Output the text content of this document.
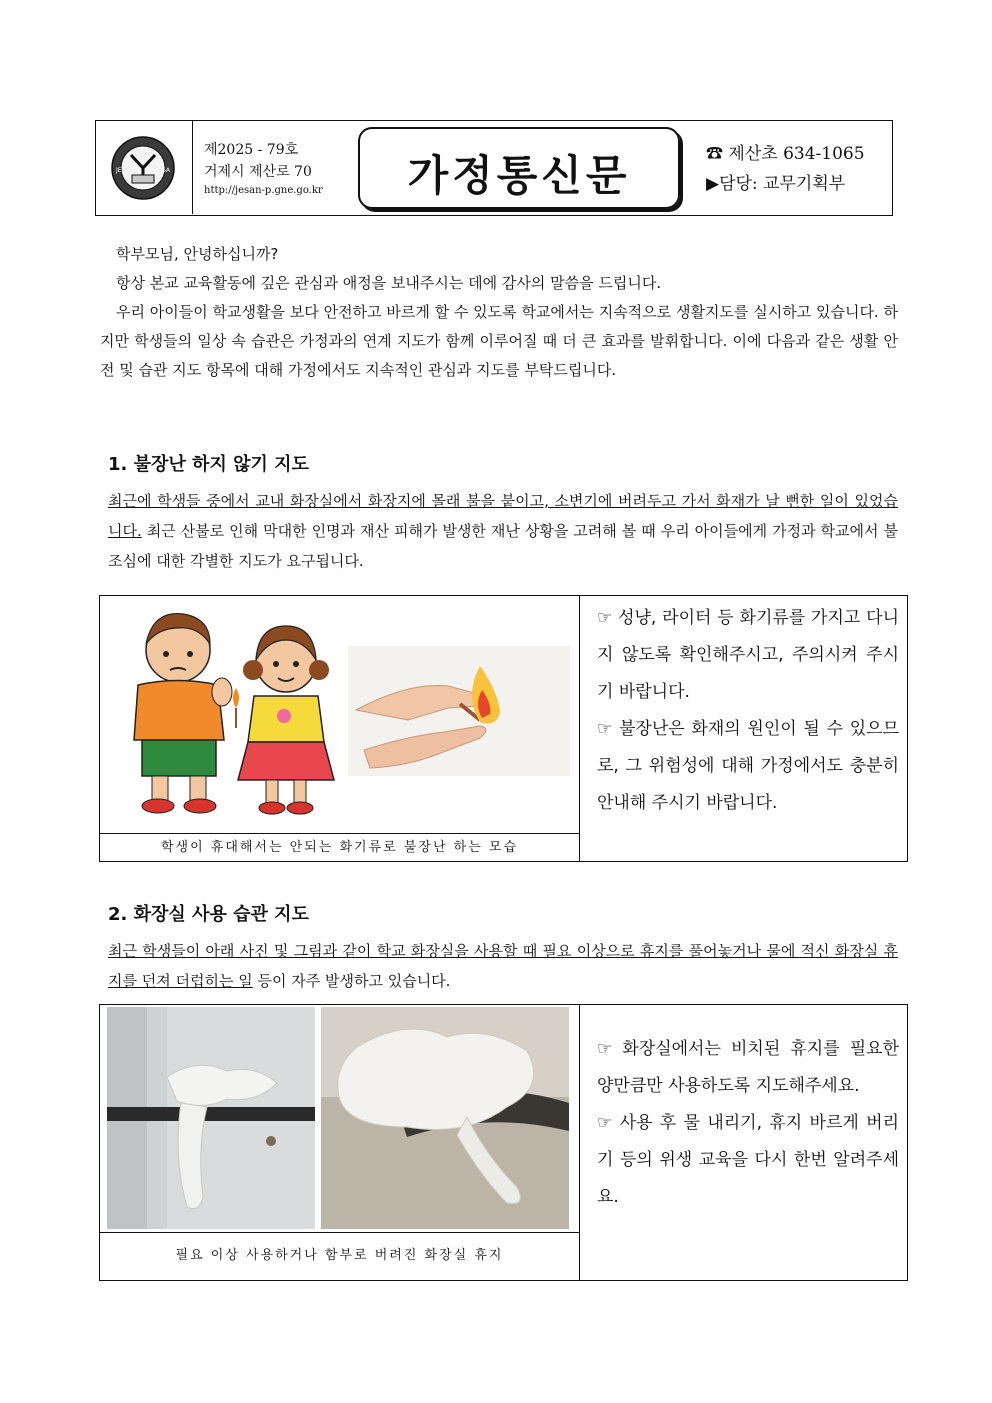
JE	SA
제2025 - 79호
거제시 제산로 70
http://jesan-p.gne.go.kr	가정통신문	☎ 제산초 634-1065
▶담당: 교무기획부

학부모님, 안녕하십니까?

항상 본교 교육활동에 깊은 관심과 애정을 보내주시는 데에 감사의 말씀을 드립니다.

우리 아이들이 학교생활을 보다 안전하고 바르게 할 수 있도록 학교에서는 지속적으로 생활지도를 실시하고 있습니다. 하지만 학생들의 일상 속 습관은 가정과의 연계 지도가 함께 이루어질 때 더 큰 효과를 발휘합니다. 이에 다음과 같은 생활 안전 및 습관 지도 항목에 대해 가정에서도 지속적인 관심과 지도를 부탁드립니다.

1. 불장난 하지 않기 지도

최근에 학생들 중에서 교내 화장실에서 화장지에 몰래 불을 붙이고, 소변기에 버려두고 가서 화재가 날 뻔한 일이 있었습니다. 최근 산불로 인해 막대한 인명과 재산 피해가 발생한 재난 상황을 고려해 볼 때 우리 아이들에게 가정과 학교에서 불조심에 대한 각별한 지도가 요구됩니다.

학생이 휴대해서는 안되는 화기류로 불장난 하는 모습

☞ 성냥, 라이터 등 화기류를 가지고 다니지 않도록 확인해주시고, 주의시켜 주시기 바랍니다.

☞ 불장난은 화재의 원인이 될 수 있으므로, 그 위험성에 대해 가정에서도 충분히 안내해 주시기 바랍니다.

2. 화장실 사용 습관 지도

최근 학생들이 아래 사진 및 그림과 같이 학교 화장실을 사용할 때 필요 이상으로 휴지를 풀어놓거나 물에 적신 화장실 휴지를 던져 더럽히는 일 등이 자주 발생하고 있습니다.

필요 이상 사용하거나 함부로 버려진 화장실 휴지

☞ 화장실에서는 비치된 휴지를 필요한 양만큼만 사용하도록 지도해주세요.

☞ 사용 후 물 내리기, 휴지 바르게 버리기 등의 위생 교육을 다시 한번 알려주세요.
